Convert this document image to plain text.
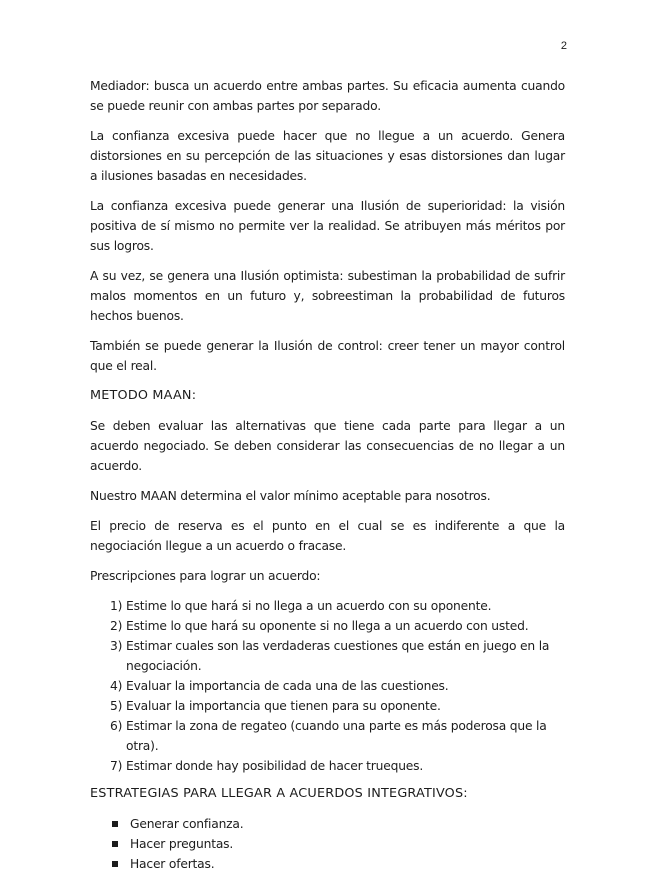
2

Mediador: busca un acuerdo entre ambas partes. Su eficacia aumenta cuando se puede reunir con ambas partes por separado.

La confianza excesiva puede hacer que no llegue a un acuerdo. Genera distorsiones en su percepción de las situaciones y esas distorsiones dan lugar a ilusiones basadas en necesidades.

La confianza excesiva puede generar una Ilusión de superioridad: la visión positiva de sí mismo no permite ver la realidad. Se atribuyen más méritos por sus logros.

A su vez, se genera una Ilusión optimista: subestiman la probabilidad de sufrir malos momentos en un futuro y, sobreestiman la probabilidad de futuros hechos buenos.

También se puede generar la Ilusión de control: creer tener un mayor control que el real.

METODO MAAN:

Se deben evaluar las alternativas que tiene cada parte para llegar a un acuerdo negociado. Se deben considerar las consecuencias de no llegar a un acuerdo.

Nuestro MAAN determina el valor mínimo aceptable para nosotros.

El precio de reserva es el punto en el cual se es indiferente a que la negociación llegue a un acuerdo o fracase.

Prescripciones para lograr un acuerdo:

1) Estime lo que hará si no llega a un acuerdo con su oponente.
2) Estime lo que hará su oponente si no llega a un acuerdo con usted.
3) Estimar cuales son las verdaderas cuestiones que están en juego en la negociación.
4) Evaluar la importancia de cada una de las cuestiones.
5) Evaluar la importancia que tienen para su oponente.
6) Estimar la zona de regateo (cuando una parte es más poderosa que la otra).
7) Estimar donde hay posibilidad de hacer trueques.

ESTRATEGIAS PARA LLEGAR A ACUERDOS INTEGRATIVOS:

Generar confianza.
Hacer preguntas.
Hacer ofertas.
